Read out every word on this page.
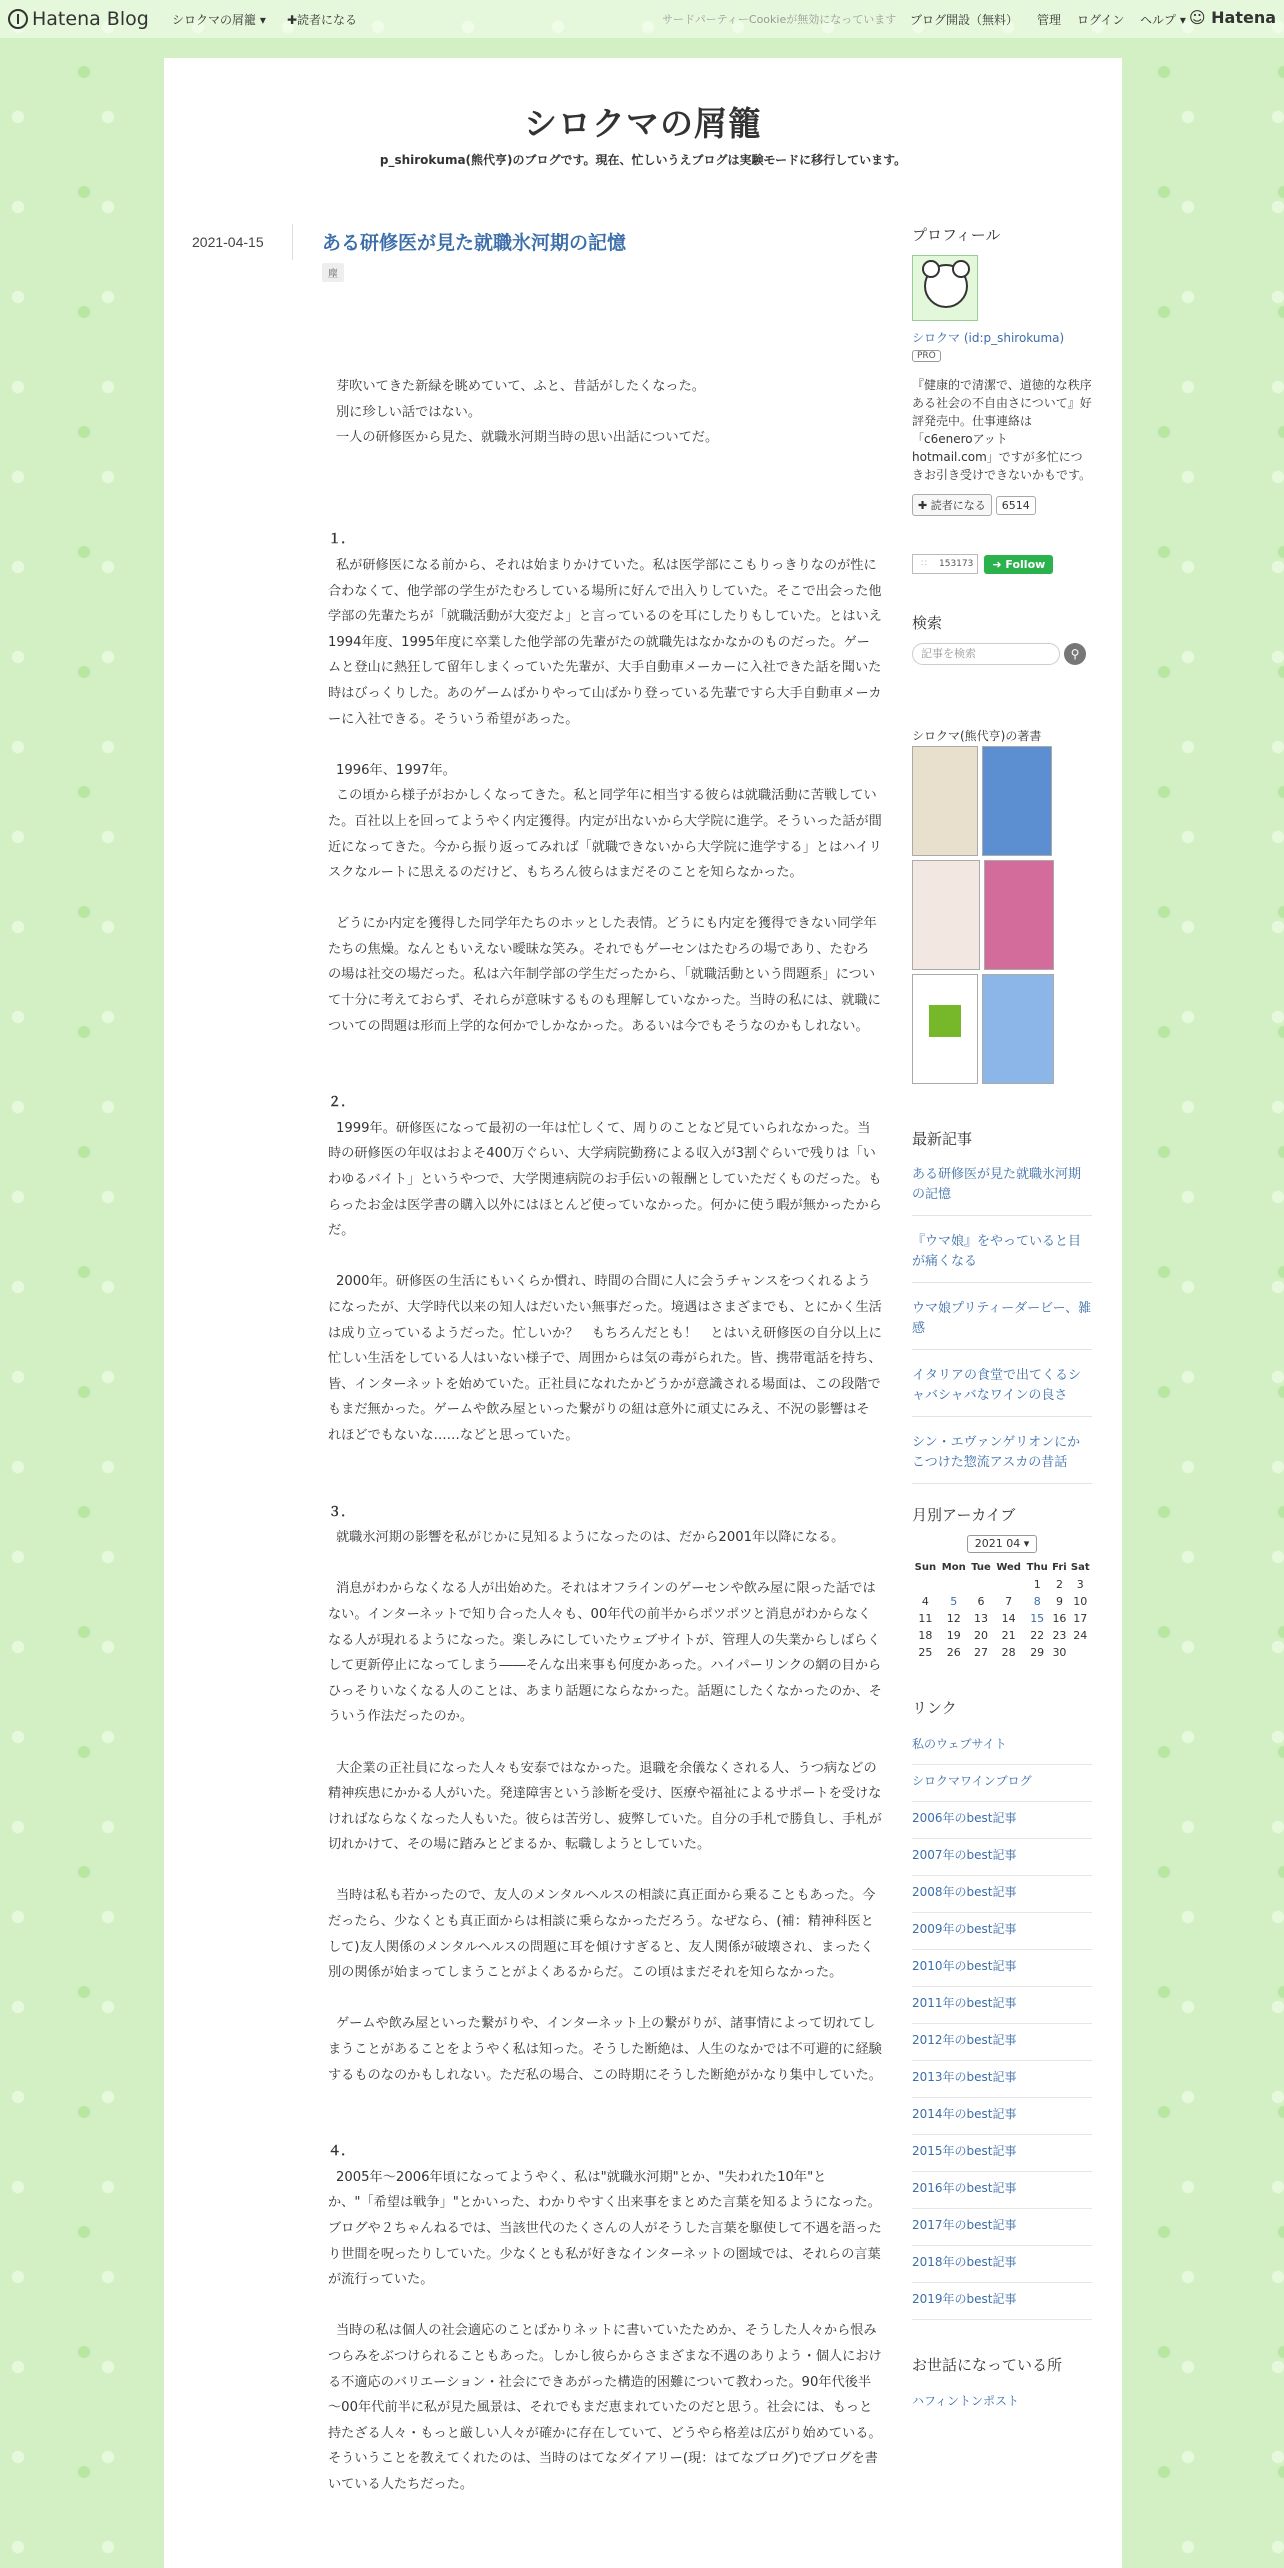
Hatena Blog シロクマの屑籠 ▾ ✚読者になる	サードパーティーCookieが無効になっています ブログ開設（無料） 管理 ログイン ヘルプ ▾ ☺ Hatena
シロクマの屑籠
p_shirokuma(熊代亨)のブログです。現在、忙しいうえブログは実験モードに移行しています。
2021-04-15	ある研修医が見た就職氷河期の記憶
塵

芽吹いてきた新緑を眺めていて、ふと、昔話がしたくなった。

別に珍しい話ではない。

一人の研修医から見た、就職氷河期当時の思い出話についてだ。

１．

私が研修医になる前から、それは始まりかけていた。私は医学部にこもりっきりなのが性に合わなくて、他学部の学生がたむろしている場所に好んで出入りしていた。そこで出会った他学部の先輩たちが「就職活動が大変だよ」と言っているのを耳にしたりもしていた。とはいえ1994年度、1995年度に卒業した他学部の先輩がたの就職先はなかなかのものだった。ゲームと登山に熱狂して留年しまくっていた先輩が、大手自動車メーカーに入社できた話を聞いた時はびっくりした。あのゲームばかりやって山ばかり登っている先輩ですら大手自動車メーカーに入社できる。そういう希望があった。

1996年、1997年。

この頃から様子がおかしくなってきた。私と同学年に相当する彼らは就職活動に苦戦していた。百社以上を回ってようやく内定獲得。内定が出ないから大学院に進学。そういった話が間近になってきた。今から振り返ってみれば「就職できないから大学院に進学する」とはハイリスクなルートに思えるのだけど、もちろん彼らはまだそのことを知らなかった。

どうにか内定を獲得した同学年たちのホッとした表情。どうにも内定を獲得できない同学年たちの焦燥。なんともいえない曖昧な笑み。それでもゲーセンはたむろの場であり、たむろの場は社交の場だった。私は六年制学部の学生だったから、「就職活動という問題系」について十分に考えておらず、それらが意味するものも理解していなかった。当時の私には、就職についての問題は形而上学的な何かでしかなかった。あるいは今でもそうなのかもしれない。

２．

1999年。研修医になって最初の一年は忙しくて、周りのことなど見ていられなかった。当時の研修医の年収はおよそ400万ぐらい、大学病院勤務による収入が3割ぐらいで残りは「いわゆるバイト」というやつで、大学関連病院のお手伝いの報酬としていただくものだった。もらったお金は医学書の購入以外にはほとんど使っていなかった。何かに使う暇が無かったからだ。

2000年。研修医の生活にもいくらか慣れ、時間の合間に人に会うチャンスをつくれるようになったが、大学時代以来の知人はだいたい無事だった。境遇はさまざまでも、とにかく生活は成り立っているようだった。忙しいか？　もちろんだとも！　とはいえ研修医の自分以上に忙しい生活をしている人はいない様子で、周囲からは気の毒がられた。皆、携帯電話を持ち、皆、インターネットを始めていた。正社員になれたかどうかが意識される場面は、この段階でもまだ無かった。ゲームや飲み屋といった繋がりの紐は意外に頑丈にみえ、不況の影響はそれほどでもないな……などと思っていた。

３．

就職氷河期の影響を私がじかに見知るようになったのは、だから2001年以降になる。

消息がわからなくなる人が出始めた。それはオフラインのゲーセンや飲み屋に限った話ではない。インターネットで知り合った人々も、00年代の前半からポツポツと消息がわからなくなる人が現れるようになった。楽しみにしていたウェブサイトが、管理人の失業からしばらくして更新停止になってしまう――そんな出来事も何度かあった。ハイパーリンクの網の目からひっそりいなくなる人のことは、あまり話題にならなかった。話題にしたくなかったのか、そういう作法だったのか。

大企業の正社員になった人々も安泰ではなかった。退職を余儀なくされる人、うつ病などの精神疾患にかかる人がいた。発達障害という診断を受け、医療や福祉によるサポートを受けなければならなくなった人もいた。彼らは苦労し、疲弊していた。自分の手札で勝負し、手札が切れかけて、その場に踏みとどまるか、転職しようとしていた。

当時は私も若かったので、友人のメンタルヘルスの相談に真正面から乗ることもあった。今だったら、少なくとも真正面からは相談に乗らなかっただろう。なぜなら、(補：精神科医として)友人関係のメンタルヘルスの問題に耳を傾けすぎると、友人関係が破壊され、まったく別の関係が始まってしまうことがよくあるからだ。この頃はまだそれを知らなかった。

ゲームや飲み屋といった繋がりや、インターネット上の繋がりが、諸事情によって切れてしまうことがあることをようやく私は知った。そうした断絶は、人生のなかでは不可避的に経験するものなのかもしれない。ただ私の場合、この時期にそうした断絶がかなり集中していた。

４．

2005年～2006年頃になってようやく、私は"就職氷河期"とか、"失われた10年"とか、"「希望は戦争」"とかいった、わかりやすく出来事をまとめた言葉を知るようになった。ブログや２ちゃんねるでは、当該世代のたくさんの人がそうした言葉を駆使して不遇を語ったり世間を呪ったりしていた。少なくとも私が好きなインターネットの圏域では、それらの言葉が流行っていた。

当時の私は個人の社会適応のことばかりネットに書いていたためか、そうした人々から恨みつらみをぶつけられることもあった。しかし彼らからさまざまな不遇のありよう・個人における不適応のバリエーション・社会にできあがった構造的困難について教わった。90年代後半～00年代前半に私が見た風景は、それでもまだ恵まれていたのだと思う。社会には、もっと持たざる人々・もっと厳しい人々が確かに存在していて、どうやら格差は広がり始めている。そういうことを教えてくれたのは、当時のはてなダイアリー(現：はてなブログ)でブログを書いている人たちだった。

プロフィール
シロクマ (id:p_shirokuma)
PRO
『健康的で清潔で、道徳的な秩序ある社会の不自由さについて』好評発売中。仕事連絡は「c6eneroアット hotmail.com」ですが多忙につきお引き受けできないかもです。
✚ 読者になる 6514
∷	153173	➜ Follow
検索
記事を検索	⚲
シロクマ(熊代亨)の著書
最新記事
ある研修医が見た就職氷河期の記憶
『ウマ娘』をやっていると目が痛くなる
ウマ娘プリティーダービー、雑感
イタリアの食堂で出てくるシャバシャバなワインの良さ
シン・エヴァンゲリオンにかこつけた惣流アスカの昔話
月別アーカイブ
2021 04 ▾
Sun	Mon	Tue	Wed	Thu	Fri	Sat
				1	2	3
4	5	6	7	8	9	10
11	12	13	14	15	16	17
18	19	20	21	22	23	24
25	26	27	28	29	30	
リンク
私のウェブサイト
シロクマワインブログ
2006年のbest記事
2007年のbest記事
2008年のbest記事
2009年のbest記事
2010年のbest記事
2011年のbest記事
2012年のbest記事
2013年のbest記事
2014年のbest記事
2015年のbest記事
2016年のbest記事
2017年のbest記事
2018年のbest記事
2019年のbest記事
お世話になっている所
ハフィントンポスト
